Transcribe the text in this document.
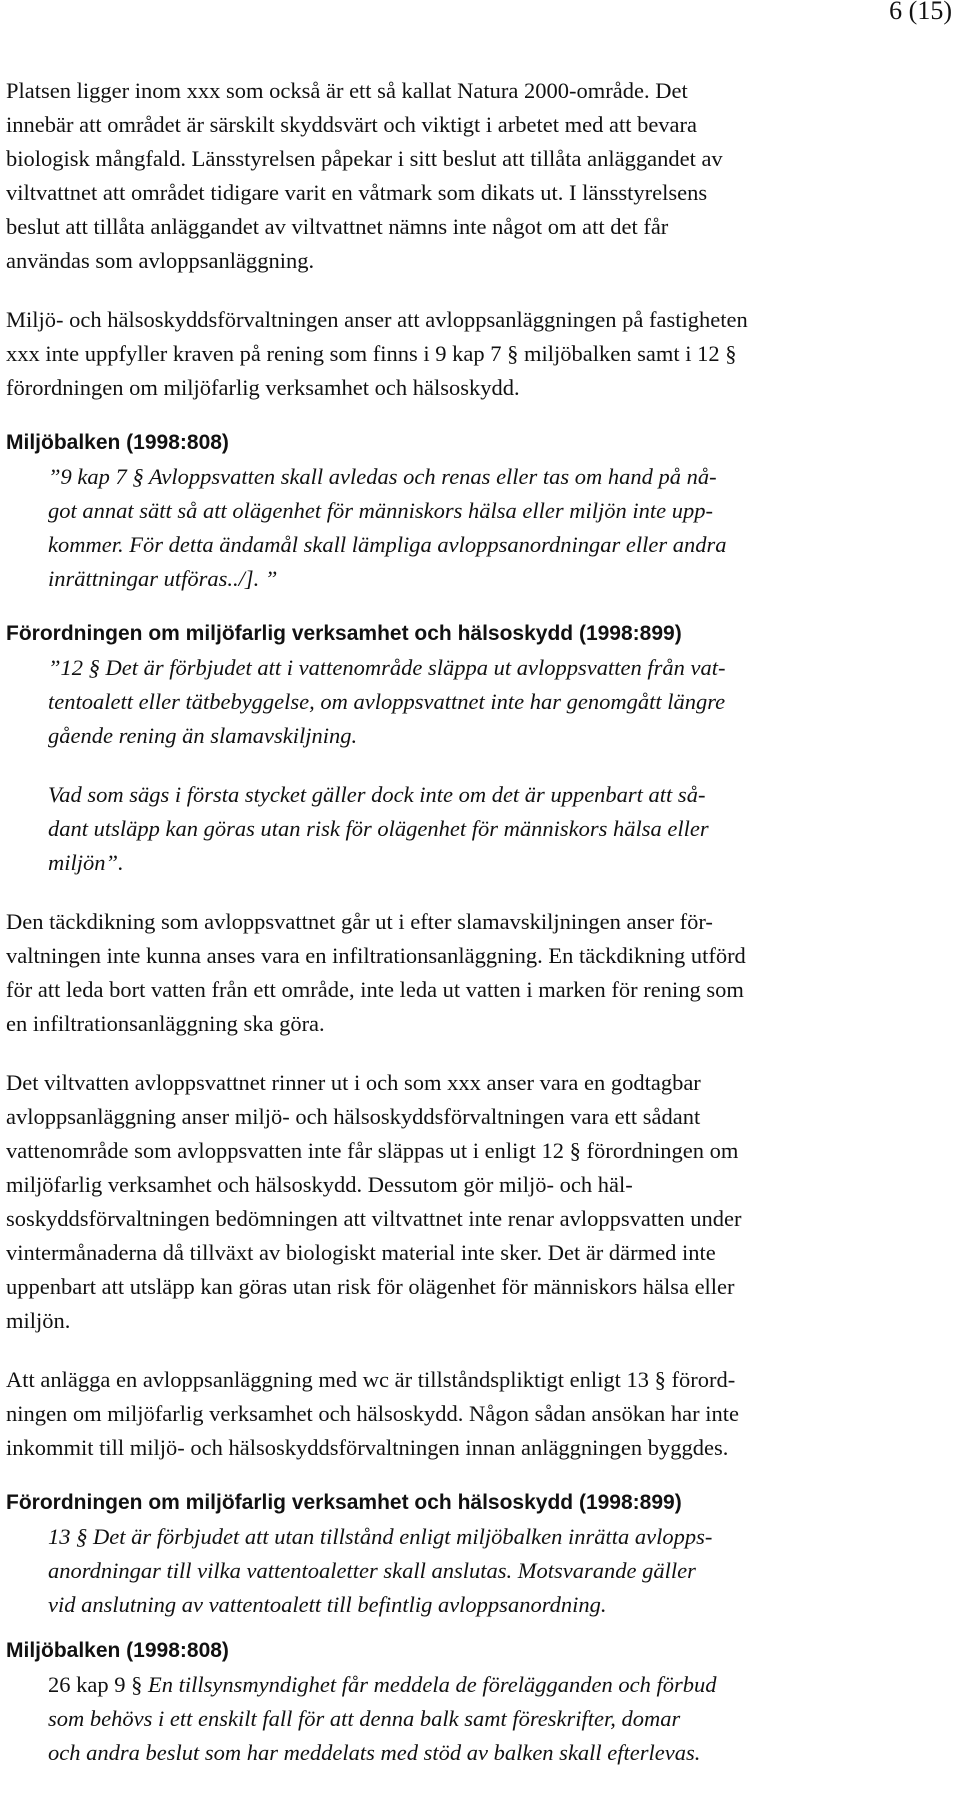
6 (15)
Platsen ligger inom xxx som också är ett så kallat Natura 2000-område. Det
innebär att området är särskilt skyddsvärt och viktigt i arbetet med att bevara
biologisk mångfald. Länsstyrelsen påpekar i sitt beslut att tillåta anläggandet av
viltvattnet att området tidigare varit en våtmark som dikats ut. I länsstyrelsens
beslut att tillåta anläggandet av viltvattnet nämns inte något om att det får
användas som avloppsanläggning.
Miljö- och hälsoskyddsförvaltningen anser att avloppsanläggningen på fastigheten
xxx inte uppfyller kraven på rening som finns i 9 kap 7 § miljöbalken samt i 12 §
förordningen om miljöfarlig verksamhet och hälsoskydd.
Miljöbalken (1998:808)
”9 kap 7 § Avloppsvatten skall avledas och renas eller tas om hand på nå-
got annat sätt så att olägenhet för människors hälsa eller miljön inte upp-
kommer. För detta ändamål skall lämpliga avloppsanordningar eller andra
inrättningar utföras../]. ”
Förordningen om miljöfarlig verksamhet och hälsoskydd (1998:899)
”12 § Det är förbjudet att i vattenområde släppa ut avloppsvatten från vat-
tentoalett eller tätbebyggelse, om avloppsvattnet inte har genomgått längre
gående rening än slamavskiljning.
Vad som sägs i första stycket gäller dock inte om det är uppenbart att så-
dant utsläpp kan göras utan risk för olägenhet för människors hälsa eller
miljön”.
Den täckdikning som avloppsvattnet går ut i efter slamavskiljningen anser för-
valtningen inte kunna anses vara en infiltrationsanläggning. En täckdikning utförd
för att leda bort vatten från ett område, inte leda ut vatten i marken för rening som
en infiltrationsanläggning ska göra.
Det viltvatten avloppsvattnet rinner ut i och som xxx anser vara en godtagbar
avloppsanläggning anser miljö- och hälsoskyddsförvaltningen vara ett sådant
vattenområde som avloppsvatten inte får släppas ut i enligt 12 § förordningen om
miljöfarlig verksamhet och hälsoskydd. Dessutom gör miljö- och häl-
soskyddsförvaltningen bedömningen att viltvattnet inte renar avloppsvatten under
vintermånaderna då tillväxt av biologiskt material inte sker. Det är därmed inte
uppenbart att utsläpp kan göras utan risk för olägenhet för människors hälsa eller
miljön.
Att anlägga en avloppsanläggning med wc är tillståndspliktigt enligt 13 § förord-
ningen om miljöfarlig verksamhet och hälsoskydd. Någon sådan ansökan har inte
inkommit till miljö- och hälsoskyddsförvaltningen innan anläggningen byggdes.
Förordningen om miljöfarlig verksamhet och hälsoskydd (1998:899)
13 § Det är förbjudet att utan tillstånd enligt miljöbalken inrätta avlopps-
anordningar till vilka vattentoaletter skall anslutas. Motsvarande gäller
vid anslutning av vattentoalett till befintlig avloppsanordning.
Miljöbalken (1998:808)
26 kap 9 § En tillsynsmyndighet får meddela de förelägganden och förbud
som behövs i ett enskilt fall för att denna balk samt föreskrifter, domar
och andra beslut som har meddelats med stöd av balken skall efterlevas.
